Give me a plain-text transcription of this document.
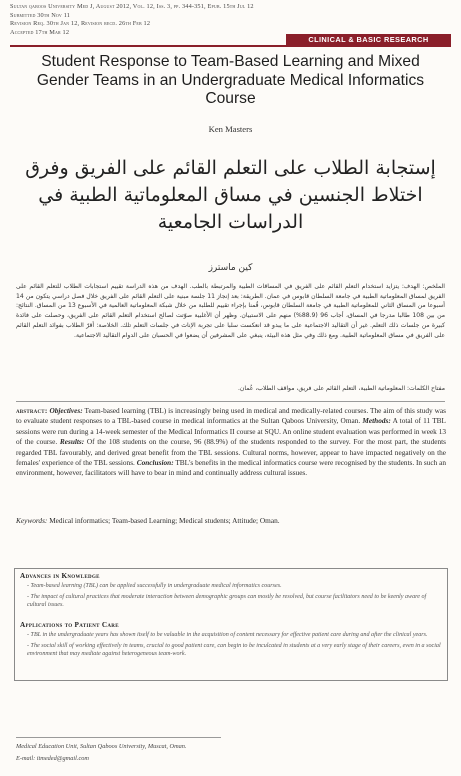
Sultan qaboos University Med J, August 2012, Vol. 12, Iss. 3, pp. 344-351, Epub. 15th Jul 12
Submitted 30th Nov 11
Revision Req. 30th Jan 12, Revision recd. 26th Feb 12
Accepted 17th Mar 12
CLINICAL & BASIC RESEARCH
Student Response to Team-Based Learning and Mixed Gender Teams in an Undergraduate Medical Informatics Course
Ken Masters
إستجابة الطلاب على التعلم القائم على الفريق وفرق اختلاط الجنسين في مساق المعلوماتية الطبية في الدراسات الجامعية
كين ماسترز
الملخص: الهدف: يتزايد استخدام التعلم القائم على الفريق في المساقات الطبية والمرتبطة بالطب. الهدف من هذه الدراسة تقييم استجابات الطلاب للتعلم القائم على الفريق لمساق المعلوماتية الطبية في جامعة السلطان قابوس في عمان. الطريقة: بعد إنجاز 11 جلسة مبنية على التعلم القائم على الفريق خلال فصل دراسي يتكون من 14 أسبوعا من المساق الثاني للمعلوماتية الطبية في جامعة السلطان قابوس، قُمنا بإجراء تقييم للطلبة من خلال شبكة المعلوماتية العالمية في الأسبوع 13 من المساق. النتائج: من بين 108 طالبا مدرجا في المساق، أجاب 96 (88.9%) منهم على الاستبيان. وظهر أن الأغلبية صوّتت لصالح استخدام التعلم القائم على الفريق، وحصلت على فائدة كبيرة من جلسات ذلك التعلم. غير أن التقاليد الاجتماعية على ما يبدو قد انعكست سلبا على تجربة الإناث في جلسات التعلم تلك. الخلاصة: أقرّ الطلاب بفوائد التعلم القائم على الفريق في مساق المعلوماتية الطبية. ومع ذلك وفي مثل هذه البيئة، ينبغي على المشرفين أن يضعوا في الحسبان على الدوام التقاليد الاجتماعية.
مفتاح الكلمات: المعلوماتية الطبية، التعلم القائم على فريق، مواقف الطلاب، عُمان.
abstract: Objectives: Team-based learning (TBL) is increasingly being used in medical and medically-related courses. The aim of this study was to evaluate student responses to a TBL-based course in medical informatics at the Sultan Qaboos University, Oman. Methods: A total of 11 TBL sessions were run during a 14-week semester of the Medical Informatics II course at SQU. An online student evaluation was performed in week 13 of the course. Results: Of the 108 students on the course, 96 (88.9%) of the students responded to the survey. For the most part, the students regarded TBL favourably, and derived great benefit from the TBL sessions. Cultural norms, however, appear to have impacted negatively on the females' experience of the TBL sessions. Conclusion: TBL's benefits in the medical informatics course were recognised by the students. In such an environment, however, facilitators will have to bear in mind and continually address cultural issues.
Keywords: Medical informatics; Team-based Learning; Medical students; Attitude; Oman.
Advances in Knowledge
- Team-based learning (TBL) can be applied successfully in undergraduate medical informatics courses.
- The impact of cultural practices that moderate interaction between demographic groups can mostly be resolved, but course facilitators need to be keenly aware of cultural issues.
Applications to Patient Care
- TBL in the undergraduate years has shown itself to be valuable in the acquisition of content necessary for effective patient care during and after the clinical years.
- The social skill of working effectively in teams, crucial to good patient care, can begin to be inculcated in students at a very early stage of their careers, even in a social environment that may mediate against heterogeneous team-work.
Medical Education Unit, Sultan Qaboos University, Muscat, Oman.
E-mail: itmeded@gmail.com
